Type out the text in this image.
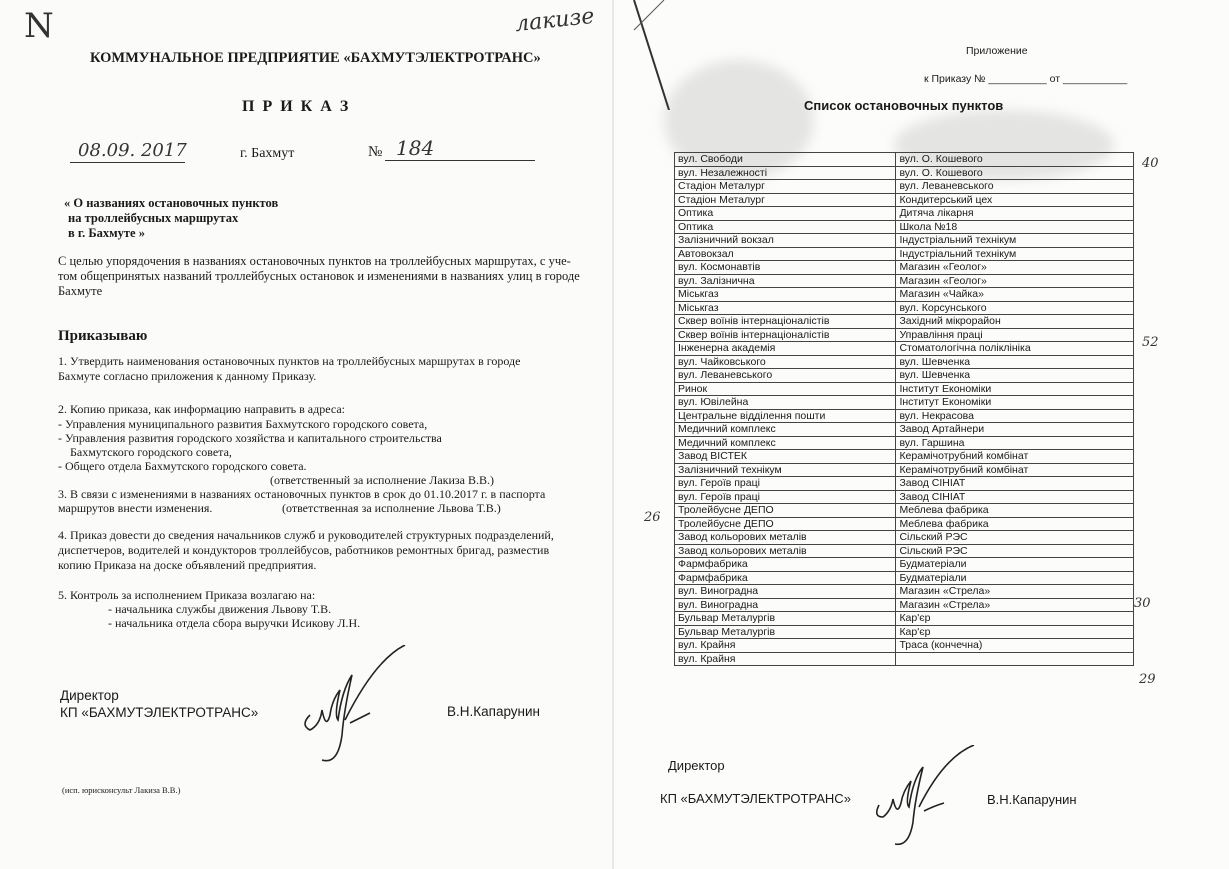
N	лакизе
КОММУНАЛЬНОЕ ПРЕДПРИЯТИЕ «БАХМУТЭЛЕКТРОТРАНС»
П Р И К А З
08.09. 2017	г. Бахмут	№ 184
« О названиях остановочных пунктов
на троллейбусных маршрутах
в г. Бахмуте »
С целью упорядочения в названиях остановочных пунктов на троллейбусных маршрутах, с уче-
том общепринятых названий троллейбусных остановок и изменениями в названиях улиц в городе
Бахмуте
Приказываю
1. Утвердить наименования остановочных пунктов на троллейбусных маршрутах в городе
Бахмуте согласно приложения к данному Приказу.
2. Копию приказа, как информацию направить в адреса:
- Управления муниципального развития Бахмутского городского совета,
- Управления развития городского хозяйства и капитального строительства
Бахмутского городского совета,
- Общего отдела Бахмутского городского совета.
(ответственный за исполнение Лакиза В.В.)
3. В связи с изменениями в названиях остановочных пунктов в срок до 01.10.2017 г. в паспорта
маршрутов внести изменения.	(ответственная за исполнение Львова Т.В.)
4. Приказ довести до сведения начальников служб и руководителей структурных подразделений,
диспетчеров, водителей и кондукторов троллейбусов, работников ремонтных бригад, разместив
копию Приказа на доске объявлений предприятия.
5. Контроль за исполнением Приказа возлагаю на:
- начальника службы движения Львову Т.В.
- начальника отдела сбора выручки Исикову Л.Н.
Директор
КП «БАХМУТЭЛЕКТРОТРАНС»	В.Н.Капарунин
(исп. юрисконсульт Лакиза В.В.)
Приложение
к Приказу № __________ от ___________
Список остановочных пунктов
вул. Свободи	вул. О. Кошевого
вул. Незалежності	вул. О. Кошевого
Стадіон Металург	вул. Леваневського
Стадіон Металург	Кондитерський цех
Оптика	Дитяча лікарня
Оптика	Школа №18
Залізничний вокзал	Індустріальний технікум
Автовокзал	Індустріальний технікум
вул. Космонавтів	Магазин «Геолог»
вул. Залізнична	Магазин «Геолог»
Міськгаз	Магазин «Чайка»
Міськгаз	вул. Корсунського
Сквер воїнів інтернаціоналістів	Західний мікрорайон
Сквер воїнів інтернаціоналістів	Управління праці
Інженерна академія	Стоматологічна поліклініка
вул. Чайковського	вул. Шевченка
вул. Леваневського	вул. Шевченка
Ринок	Інститут Економіки
вул. Ювілейна	Інститут Економіки
Центральне відділення пошти	вул. Некрасова
Медичний комплекс	Завод Артайнери
Медичний комплекс	вул. Гаршина
Завод ВІСТЕК	Керамічотрубний комбінат
Залізничний технікум	Керамічотрубний комбінат
вул. Героїв праці	Завод СІНІАТ
вул. Героїв праці	Завод СІНІАТ
Тролейбусне ДЕПО	Меблева фабрика
Тролейбусне ДЕПО	Меблева фабрика
Завод кольорових металів	Сільский РЭС
Завод кольорових металів	Сільский РЭС
Фармфабрика	Будматеріали
Фармфабрика	Будматеріали
вул. Виноградна	Магазин «Стрела»
вул. Виноградна	Магазин «Стрела»
Бульвар Металургів	Кар'єр
Бульвар Металургів	Кар'єр
вул. Крайня	Траса (кончечна)
вул. Крайня	
40
52
30
29
26
Директор
КП «БАХМУТЭЛЕКТРОТРАНС»	В.Н.Капарунин
